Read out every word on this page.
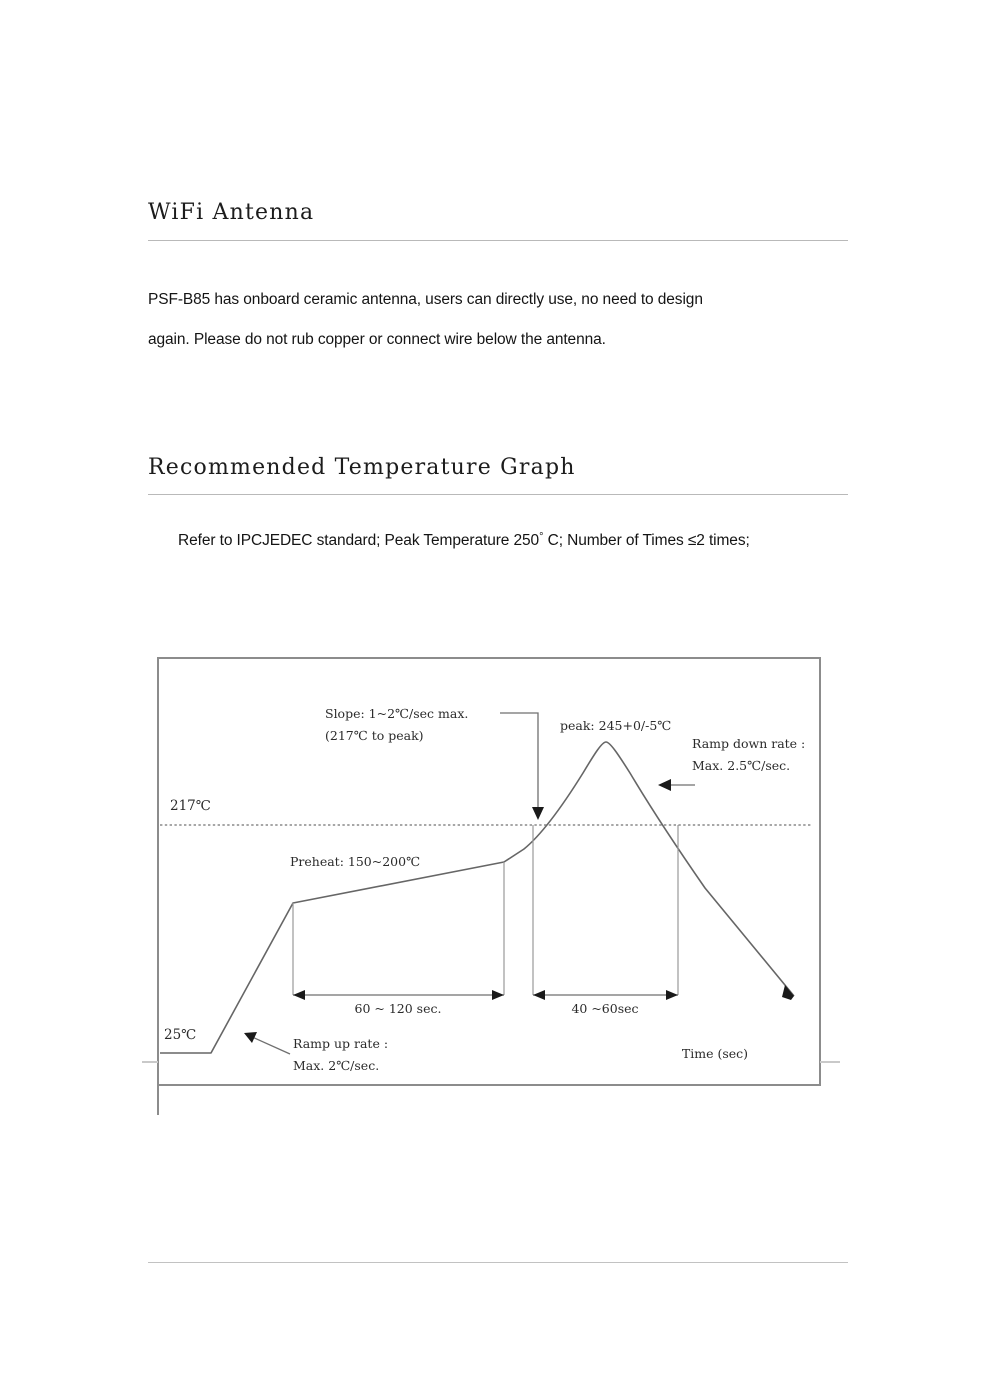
WiFi Antenna
PSF-B85 has onboard ceramic antenna, users can directly use, no need to design
again. Please do not rub copper or connect wire below the antenna.
Recommended Temperature Graph
Refer to IPCJEDEC standard; Peak Temperature 250° C; Number of Times ≤2 times;
60 ~ 120 sec.	40 ~60sec
Slope: 1~2℃/sec max.
(217℃ to peak)
peak: 245+0/-5℃
Ramp down rate :
Max. 2.5℃/sec.
Preheat: 150~200℃
Ramp up rate :
Max. 2℃/sec.
Time (sec)
217℃
25℃
